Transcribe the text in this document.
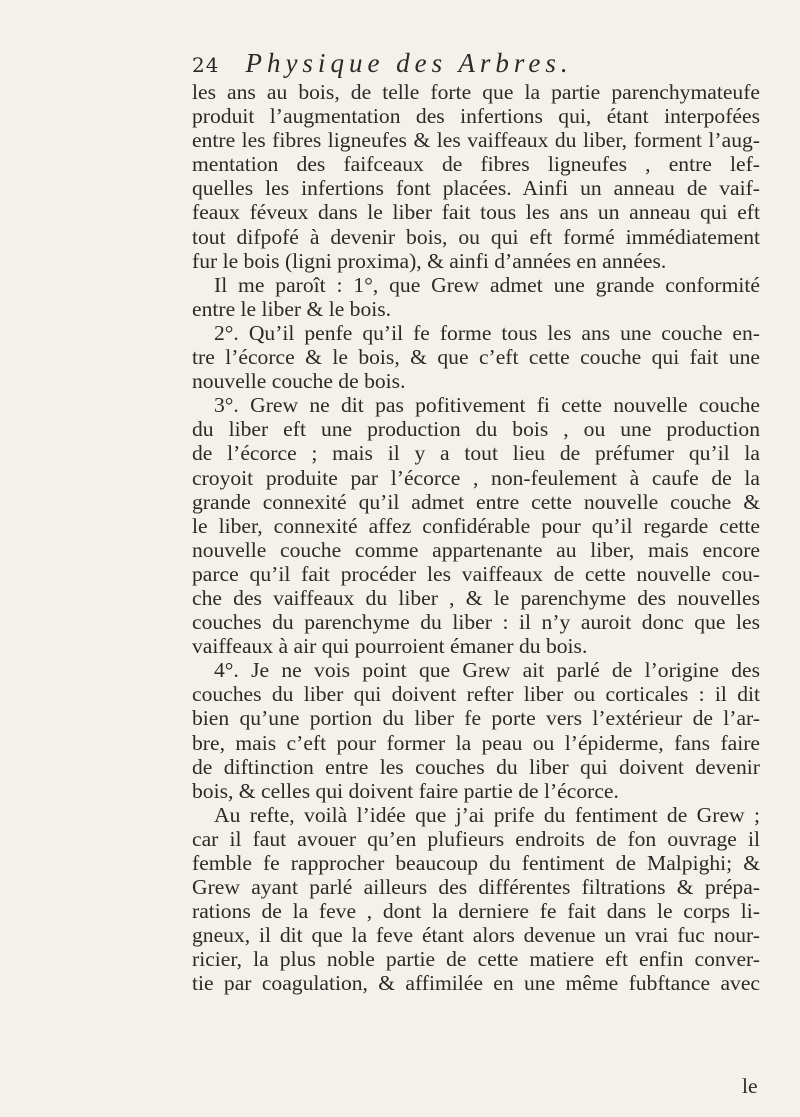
24 Physique des Arbres.
les ans au bois, de telle forte que la partie parenchymateufe
produit l’augmentation des infertions qui, étant interpofées
entre les fibres ligneufes & les vaiffeaux du liber, forment l’aug-
mentation des faifceaux de fibres ligneufes , entre lef-
quelles les infertions font placées. Ainfi un anneau de vaif-
feaux féveux dans le liber fait tous les ans un anneau qui eft
tout difpofé à devenir bois, ou qui eft formé immédiatement
fur le bois (ligni proxima), & ainfi d’années en années.
Il me paroît : 1°, que Grew admet une grande conformité
entre le liber & le bois.
2°. Qu’il penfe qu’il fe forme tous les ans une couche en-
tre l’écorce & le bois, & que c’eft cette couche qui fait une
nouvelle couche de bois.
3°. Grew ne dit pas pofitivement fi cette nouvelle couche
du liber eft une production du bois , ou une production
de l’écorce ; mais il y a tout lieu de préfumer qu’il la
croyoit produite par l’écorce , non-feulement à caufe de la
grande connexité qu’il admet entre cette nouvelle couche &
le liber, connexité affez confidérable pour qu’il regarde cette
nouvelle couche comme appartenante au liber, mais encore
parce qu’il fait procéder les vaiffeaux de cette nouvelle cou-
che des vaiffeaux du liber , & le parenchyme des nouvelles
couches du parenchyme du liber : il n’y auroit donc que les
vaiffeaux à air qui pourroient émaner du bois.
4°. Je ne vois point que Grew ait parlé de l’origine des
couches du liber qui doivent refter liber ou corticales : il dit
bien qu’une portion du liber fe porte vers l’extérieur de l’ar-
bre, mais c’eft pour former la peau ou l’épiderme, fans faire
de diftinction entre les couches du liber qui doivent devenir
bois, & celles qui doivent faire partie de l’écorce.
Au refte, voilà l’idée que j’ai prife du fentiment de Grew ;
car il faut avouer qu’en plufieurs endroits de fon ouvrage il
femble fe rapprocher beaucoup du fentiment de Malpighi; &
Grew ayant parlé ailleurs des différentes filtrations & prépa-
rations de la feve , dont la derniere fe fait dans le corps li-
gneux, il dit que la feve étant alors devenue un vrai fuc nour-
ricier, la plus noble partie de cette matiere eft enfin conver-
tie par coagulation, & affimilée en une même fubftance avec
le
